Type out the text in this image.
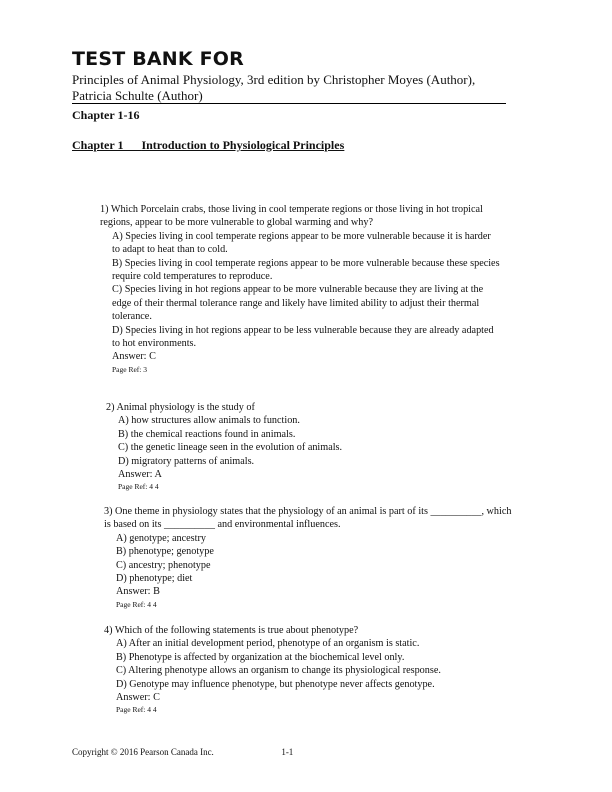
TEST BANK FOR
Principles of Animal Physiology, 3rd edition by Christopher Moyes (Author), Patricia Schulte (Author)
Chapter 1-16
Chapter 1 Introduction to Physiological Principles

1) Which Porcelain crabs, those living in cool temperate regions or those living in hot tropical regions, appear to be more vulnerable to global warming and why?

A) Species living in cool temperate regions appear to be more vulnerable because it is harder to adapt to heat than to cold.

B) Species living in cool temperate regions appear to be more vulnerable because these species require cold temperatures to reproduce.

C) Species living in hot regions appear to be more vulnerable because they are living at the edge of their thermal tolerance range and likely have limited ability to adjust their thermal tolerance.

D) Species living in hot regions appear to be less vulnerable because they are already adapted to hot environments.

Answer: C
Page Ref: 3

2) Animal physiology is the study of

A) how structures allow animals to function.

B) the chemical reactions found in animals.

C) the genetic lineage seen in the evolution of animals.

D) migratory patterns of animals.

Answer: A
Page Ref: 4 4

3) One theme in physiology states that the physiology of an animal is part of its __________, which is based on its __________ and environmental influences.

A) genotype; ancestry

B) phenotype; genotype

C) ancestry; phenotype

D) phenotype; diet

Answer: B
Page Ref: 4 4

4) Which of the following statements is true about phenotype?

A) After an initial development period, phenotype of an organism is static.

B) Phenotype is affected by organization at the biochemical level only.

C) Altering phenotype allows an organism to change its physiological response.

D) Genotype may influence phenotype, but phenotype never affects genotype.

Answer: C
Page Ref: 4 4
Copyright © 2016 Pearson Canada Inc.	1-1
